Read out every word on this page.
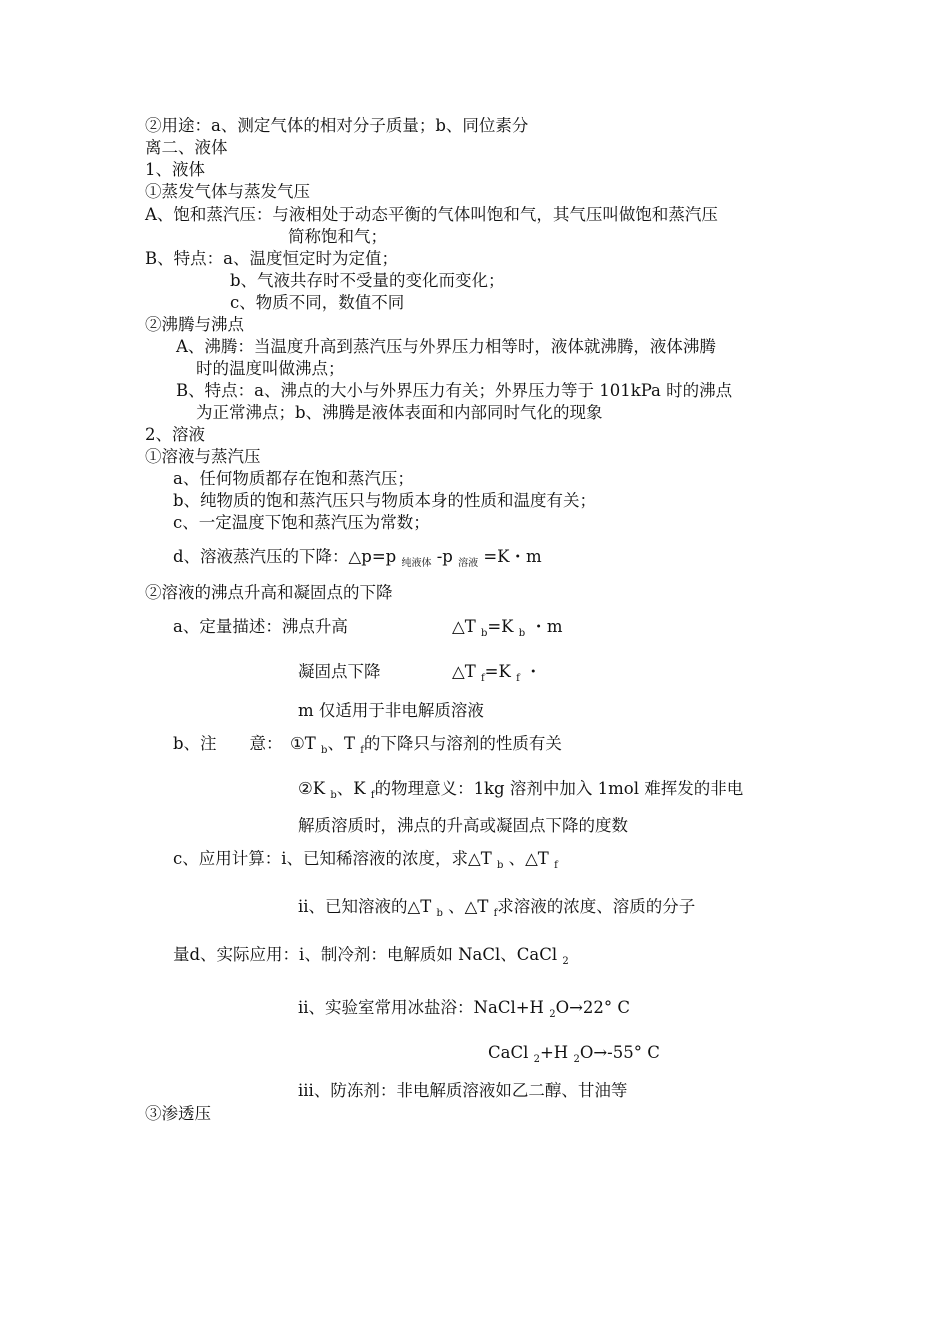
②用途：a、测定气体的相对分子质量；b、同位素分
离二、液体
1、液体
①蒸发气体与蒸发气压
A、饱和蒸汽压：与液相处于动态平衡的气体叫饱和气，其气压叫做饱和蒸汽压
简称饱和气；
B、特点：a、温度恒定时为定值；
b、气液共存时不受量的变化而变化；
c、物质不同，数值不同
②沸腾与沸点
A、沸腾：当温度升高到蒸汽压与外界压力相等时，液体就沸腾，液体沸腾
时的温度叫做沸点；
B、特点：a、沸点的大小与外界压力有关；外界压力等于 101kPa 时的沸点
为正常沸点；b、沸腾是液体表面和内部同时气化的现象
2、溶液
①溶液与蒸汽压
a、任何物质都存在饱和蒸汽压；
b、纯物质的饱和蒸汽压只与物质本身的性质和温度有关；
c、一定温度下饱和蒸汽压为常数；
d、溶液蒸汽压的下降：△p=p $_{纯液体}$ -p $_{溶液}$ =K・m
②溶液的沸点升高和凝固点的下降
a、定量描述：沸点升高	△T $_b$=K $_b$ ・m
凝固点下降	△T $_f$=K $_f$ ・
m 仅适用于非电解质溶液
b、注　　意： ①T $_b$、T $_f$的下降只与溶剂的性质有关
②K $_b$、K $_f$的物理意义：1kg 溶剂中加入 1mol 难挥发的非电
解质溶质时，沸点的升高或凝固点下降的度数
c、应用计算：i、已知稀溶液的浓度，求△T $_b$ 、△T $_f$
ii、已知溶液的△T $_b$ 、△T $_f$求溶液的浓度、溶质的分子
量d、实际应用：i、制冷剂：电解质如 NaCl、CaCl $_2$
ii、实验室常用冰盐浴：NaCl+H $_2$O→22° C
CaCl $_2$+H $_2$O→-55° C
iii、防冻剂：非电解质溶液如乙二醇、甘油等
③渗透压
